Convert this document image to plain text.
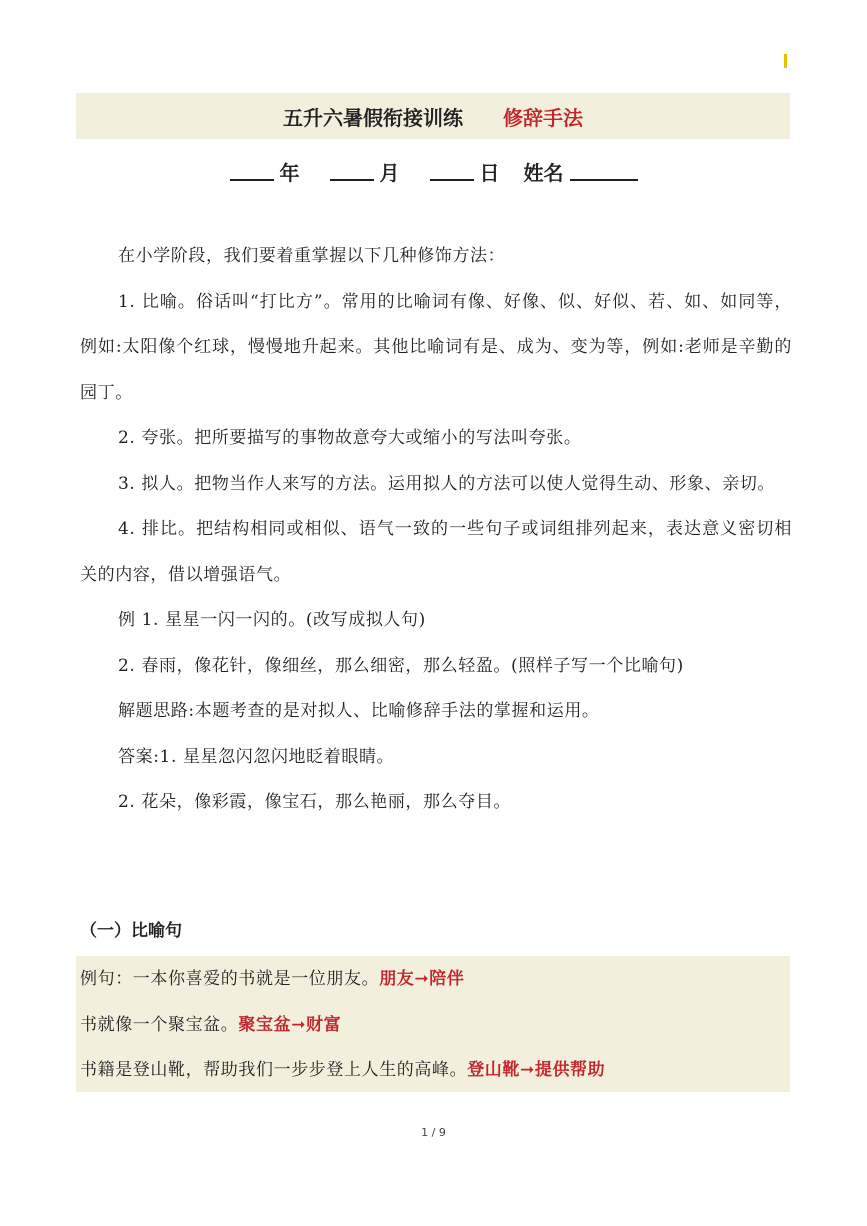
五升六暑假衔接训练 修辞手法
年	月	日 姓名

在小学阶段，我们要着重掌握以下几种修饰方法：

1. 比喻。俗话叫“打比方”。常用的比喻词有像、好像、似、好似、若、如、如同等，例如:太阳像个红球，慢慢地升起来。其他比喻词有是、成为、变为等，例如:老师是辛勤的园丁。

2. 夸张。把所要描写的事物故意夸大或缩小的写法叫夸张。

3. 拟人。把物当作人来写的方法。运用拟人的方法可以使人觉得生动、形象、亲切。

4. 排比。把结构相同或相似、语气一致的一些句子或词组排列起来，表达意义密切相关的内容，借以增强语气。

例 1. 星星一闪一闪的。(改写成拟人句)

2. 春雨，像花针，像细丝，那么细密，那么轻盈。(照样子写一个比喻句)

解题思路:本题考查的是对拟人、比喻修辞手法的掌握和运用。

答案:1. 星星忽闪忽闪地眨着眼睛。

2. 花朵，像彩霞，像宝石，那么艳丽，那么夺目。

（一）比喻句
例句：一本你喜爱的书就是一位朋友。朋友➞陪伴
书就像一个聚宝盆。聚宝盆➞财富
书籍是登山靴，帮助我们一步步登上人生的高峰。登山靴➞提供帮助
1 / 9
